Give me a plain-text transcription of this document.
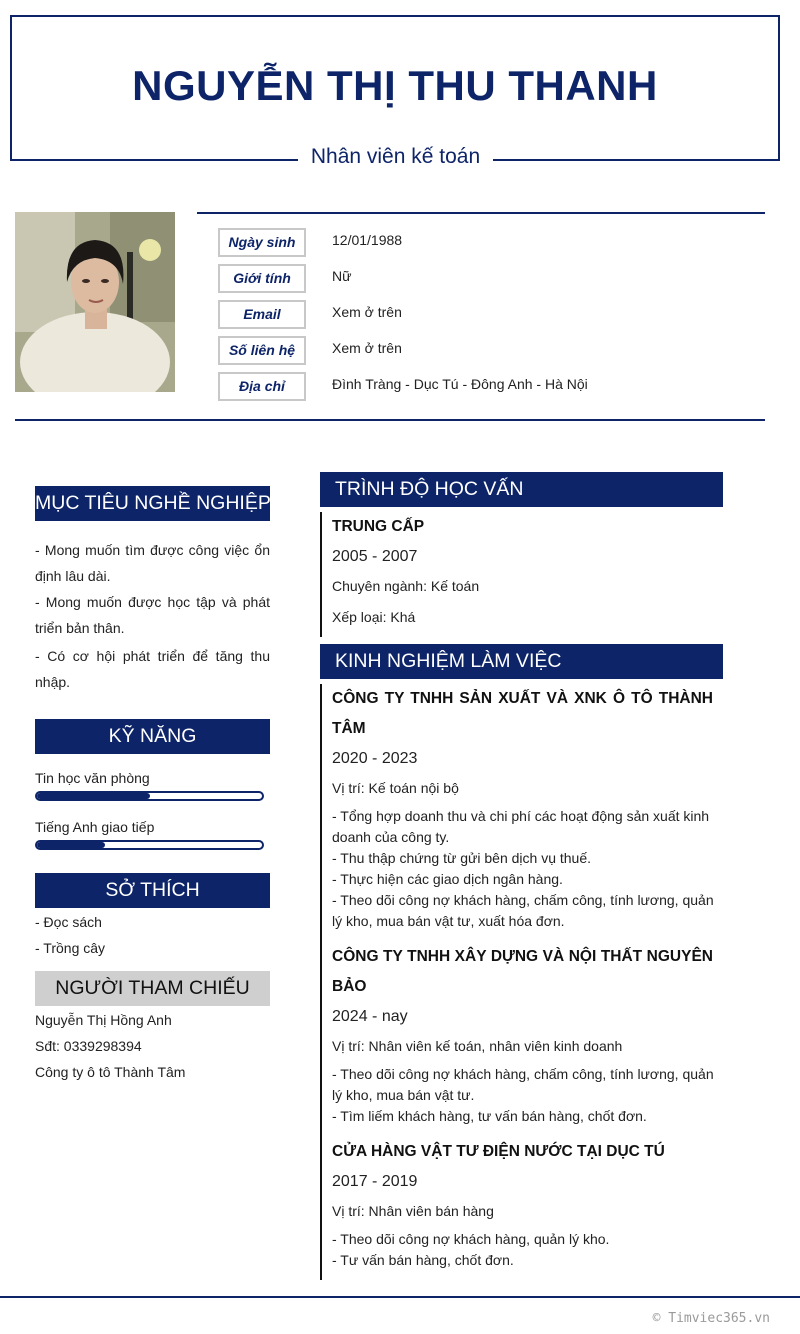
NGUYỄN THỊ THU THANH
Nhân viên kế toán
Ngày sinh	12/01/1988
Giới tính	Nữ
Email	Xem ở trên
Số liên hệ	Xem ở trên
Địa chỉ	Đình Tràng - Dục Tú - Đông Anh - Hà Nội
MỤC TIÊU NGHỀ NGHIỆP
- Mong muốn tìm được công việc ổn định lâu dài.
- Mong muốn được học tập và phát triển bản thân.
- Có cơ hội phát triển để tăng thu nhập.
KỸ NĂNG
Tin học văn phòng
Tiếng Anh giao tiếp
SỞ THÍCH
- Đọc sách
- Trồng cây
NGƯỜI THAM CHIẾU
Nguyễn Thị Hồng Anh
Sđt: 0339298394
Công ty ô tô Thành Tâm
TRÌNH ĐỘ HỌC VẤN
TRUNG CẤP
2005 - 2007
Chuyên ngành: Kế toán
Xếp loại: Khá
KINH NGHIỆM LÀM VIỆC
CÔNG TY TNHH SẢN XUẤT VÀ XNK Ô TÔ THÀNH
TÂM
2020 - 2023
Vị trí: Kế toán nội bộ
- Tổng hợp doanh thu và chi phí các hoạt động sản xuất kinh
doanh của công ty.
- Thu thập chứng từ gửi bên dịch vụ thuế.
- Thực hiện các giao dịch ngân hàng.
- Theo dõi công nợ khách hàng, chấm công, tính lương, quản
lý kho, mua bán vật tư, xuất hóa đơn.
CÔNG TY TNHH XÂY DỰNG VÀ NỘI THẤT NGUYÊN
BẢO
2024 - nay
Vị trí: Nhân viên kế toán, nhân viên kinh doanh
- Theo dõi công nợ khách hàng, chấm công, tính lương, quản
lý kho, mua bán vật tư.
- Tìm liếm khách hàng, tư vấn bán hàng, chốt đơn.
CỬA HÀNG VẬT TƯ ĐIỆN NƯỚC TẠI DỤC TÚ
2017 - 2019
Vị trí: Nhân viên bán hàng
- Theo dõi công nợ khách hàng, quản lý kho.
- Tư vấn bán hàng, chốt đơn.
© Timviec365.vn
